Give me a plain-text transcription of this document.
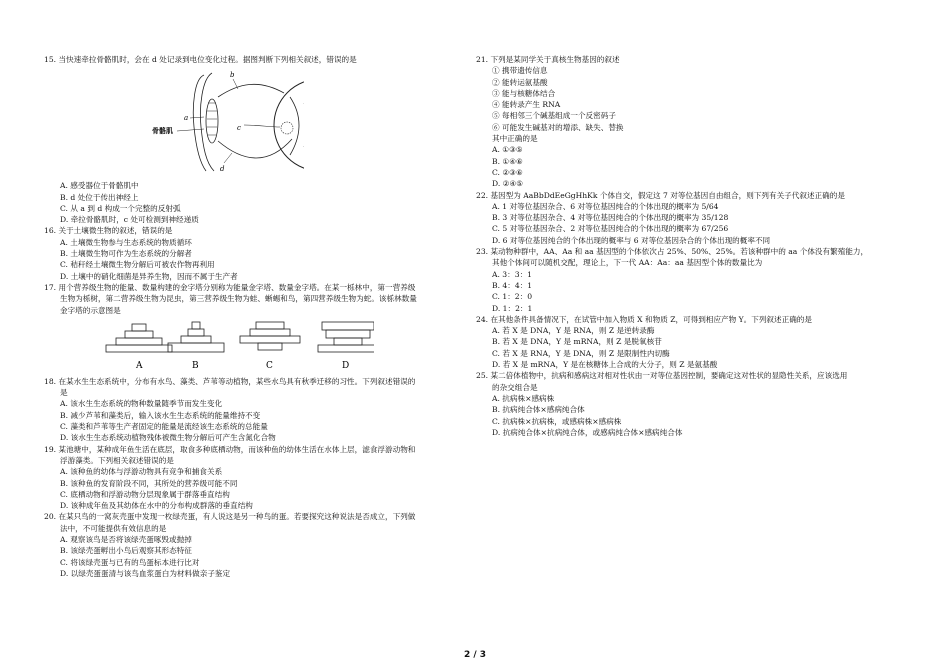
15. 当快速牵拉骨骼肌时，会在 d 处记录到电位变化过程。据图判断下列相关叙述，错误的是
骨骼肌
b
a
c
d
A. 感受器位于骨骼肌中
B. d 处位于传出神经上
C. 从 a 到 d 构成一个完整的反射弧
D. 牵拉骨骼肌时，c 处可检测到神经递质
16. 关于土壤微生物的叙述，错误的是
A. 土壤微生物参与生态系统的物质循环
B. 土壤微生物可作为生态系统的分解者
C. 秸秆经土壤微生物分解后可被农作物再利用
D. 土壤中的硝化细菌是异养生物，因而不属于生产者
17. 用个营养级生物的能量、数量构建的金字塔分别称为能量金字塔、数量金字塔。在某一栎林中，第一营养级
生物为栎树，第二营养级生物为昆虫，第三营养级生物为蛙、蜥蜴和鸟，第四营养级生物为蛇。该栎林数量
金字塔的示意图是
A	B	C	D
18. 在某水生生态系统中，分布有水鸟、藻类、芦苇等动植物，某些水鸟具有秋季迁移的习性。下列叙述错误的
是
A. 该水生生态系统的物种数量随季节而发生变化
B. 减少芦苇和藻类后，输入该水生生态系统的能量维持不变
C. 藻类和芦苇等生产者固定的能量是流经该生态系统的总能量
D. 该水生生态系统动植物残体被微生物分解后可产生含氮化合物
19. 某池塘中，某种成年鱼生活在底层，取食多种底栖动物，而该种鱼的幼体生活在水体上层，滤食浮游动物和
浮游藻类。下列相关叙述错误的是
A. 该种鱼的幼体与浮游动物具有竞争和捕食关系
B. 该种鱼的发育阶段不同，其所处的营养级可能不同
C. 底栖动物和浮游动物分层现象属于群落垂直结构
D. 该种成年鱼及其幼体在水中的分布构成群落的垂直结构
20. 在某只鸟的一窝灰壳蛋中发现一枚绿壳蛋，有人说这是另一种鸟的蛋。若要探究这种说法是否成立，下列做
法中，不可能提供有效信息的是
A. 观察该鸟是否将该绿壳蛋啄毁或抛掉
B. 该绿壳蛋孵出小鸟后观察其形态特征
C. 将该绿壳蛋与已有的鸟蛋标本进行比对
D. 以绿壳蛋蛋清与该鸟血浆蛋白为材料做亲子鉴定
21. 下列是某同学关于真核生物基因的叙述
① 携带遗传信息
② 能转运氨基酸
③ 能与核糖体结合
④ 能转录产生 RNA
⑤ 每相邻三个碱基组成一个反密码子
⑥ 可能发生碱基对的增添、缺失、替换
其中正确的是
A. ①③⑤
B. ①④⑥
C. ②③⑥
D. ②④⑤
22. 基因型为 AaBbDdEeGgHhKk 个体自交，假定这 7 对等位基因自由组合，则下列有关子代叙述正确的是
A. 1 对等位基因杂合、6 对等位基因纯合的个体出现的概率为 5/64
B. 3 对等位基因杂合、4 对等位基因纯合的个体出现的概率为 35/128
C. 5 对等位基因杂合、2 对等位基因纯合的个体出现的概率为 67/256
D. 6 对等位基因纯合的个体出现的概率与 6 对等位基因杂合的个体出现的概率不同
23. 某动物种群中，AA、Aa 和 aa 基因型的个体依次占 25%、50%、25%。若该种群中的 aa 个体没有繁殖能力，
其他个体间可以随机交配，理论上，下一代 AA：Aa：aa 基因型个体的数量比为
A. 3：3：1
B. 4：4：1
C. 1：2：0
D. 1：2：1
24. 在其他条件具备情况下，在试管中加入物质 X 和物质 Z，可得到相应产物 Y。下列叙述正确的是
A. 若 X 是 DNA，Y 是 RNA，则 Z 是逆转录酶
B. 若 X 是 DNA，Y 是 mRNA，则 Z 是脱氧核苷
C. 若 X 是 RNA，Y 是 DNA，则 Z 是限制性内切酶
D. 若 X 是 mRNA，Y 是在核糖体上合成的大分子，则 Z 是氨基酸
25. 某二倍体植物中，抗病和感病这对相对性状由一对等位基因控制，要确定这对性状的显隐性关系，应该选用
的杂交组合是
A. 抗病株×感病株
B. 抗病纯合体×感病纯合体
C. 抗病株×抗病株，或感病株×感病株
D. 抗病纯合体×抗病纯合体，或感病纯合体×感病纯合体
2 / 3
